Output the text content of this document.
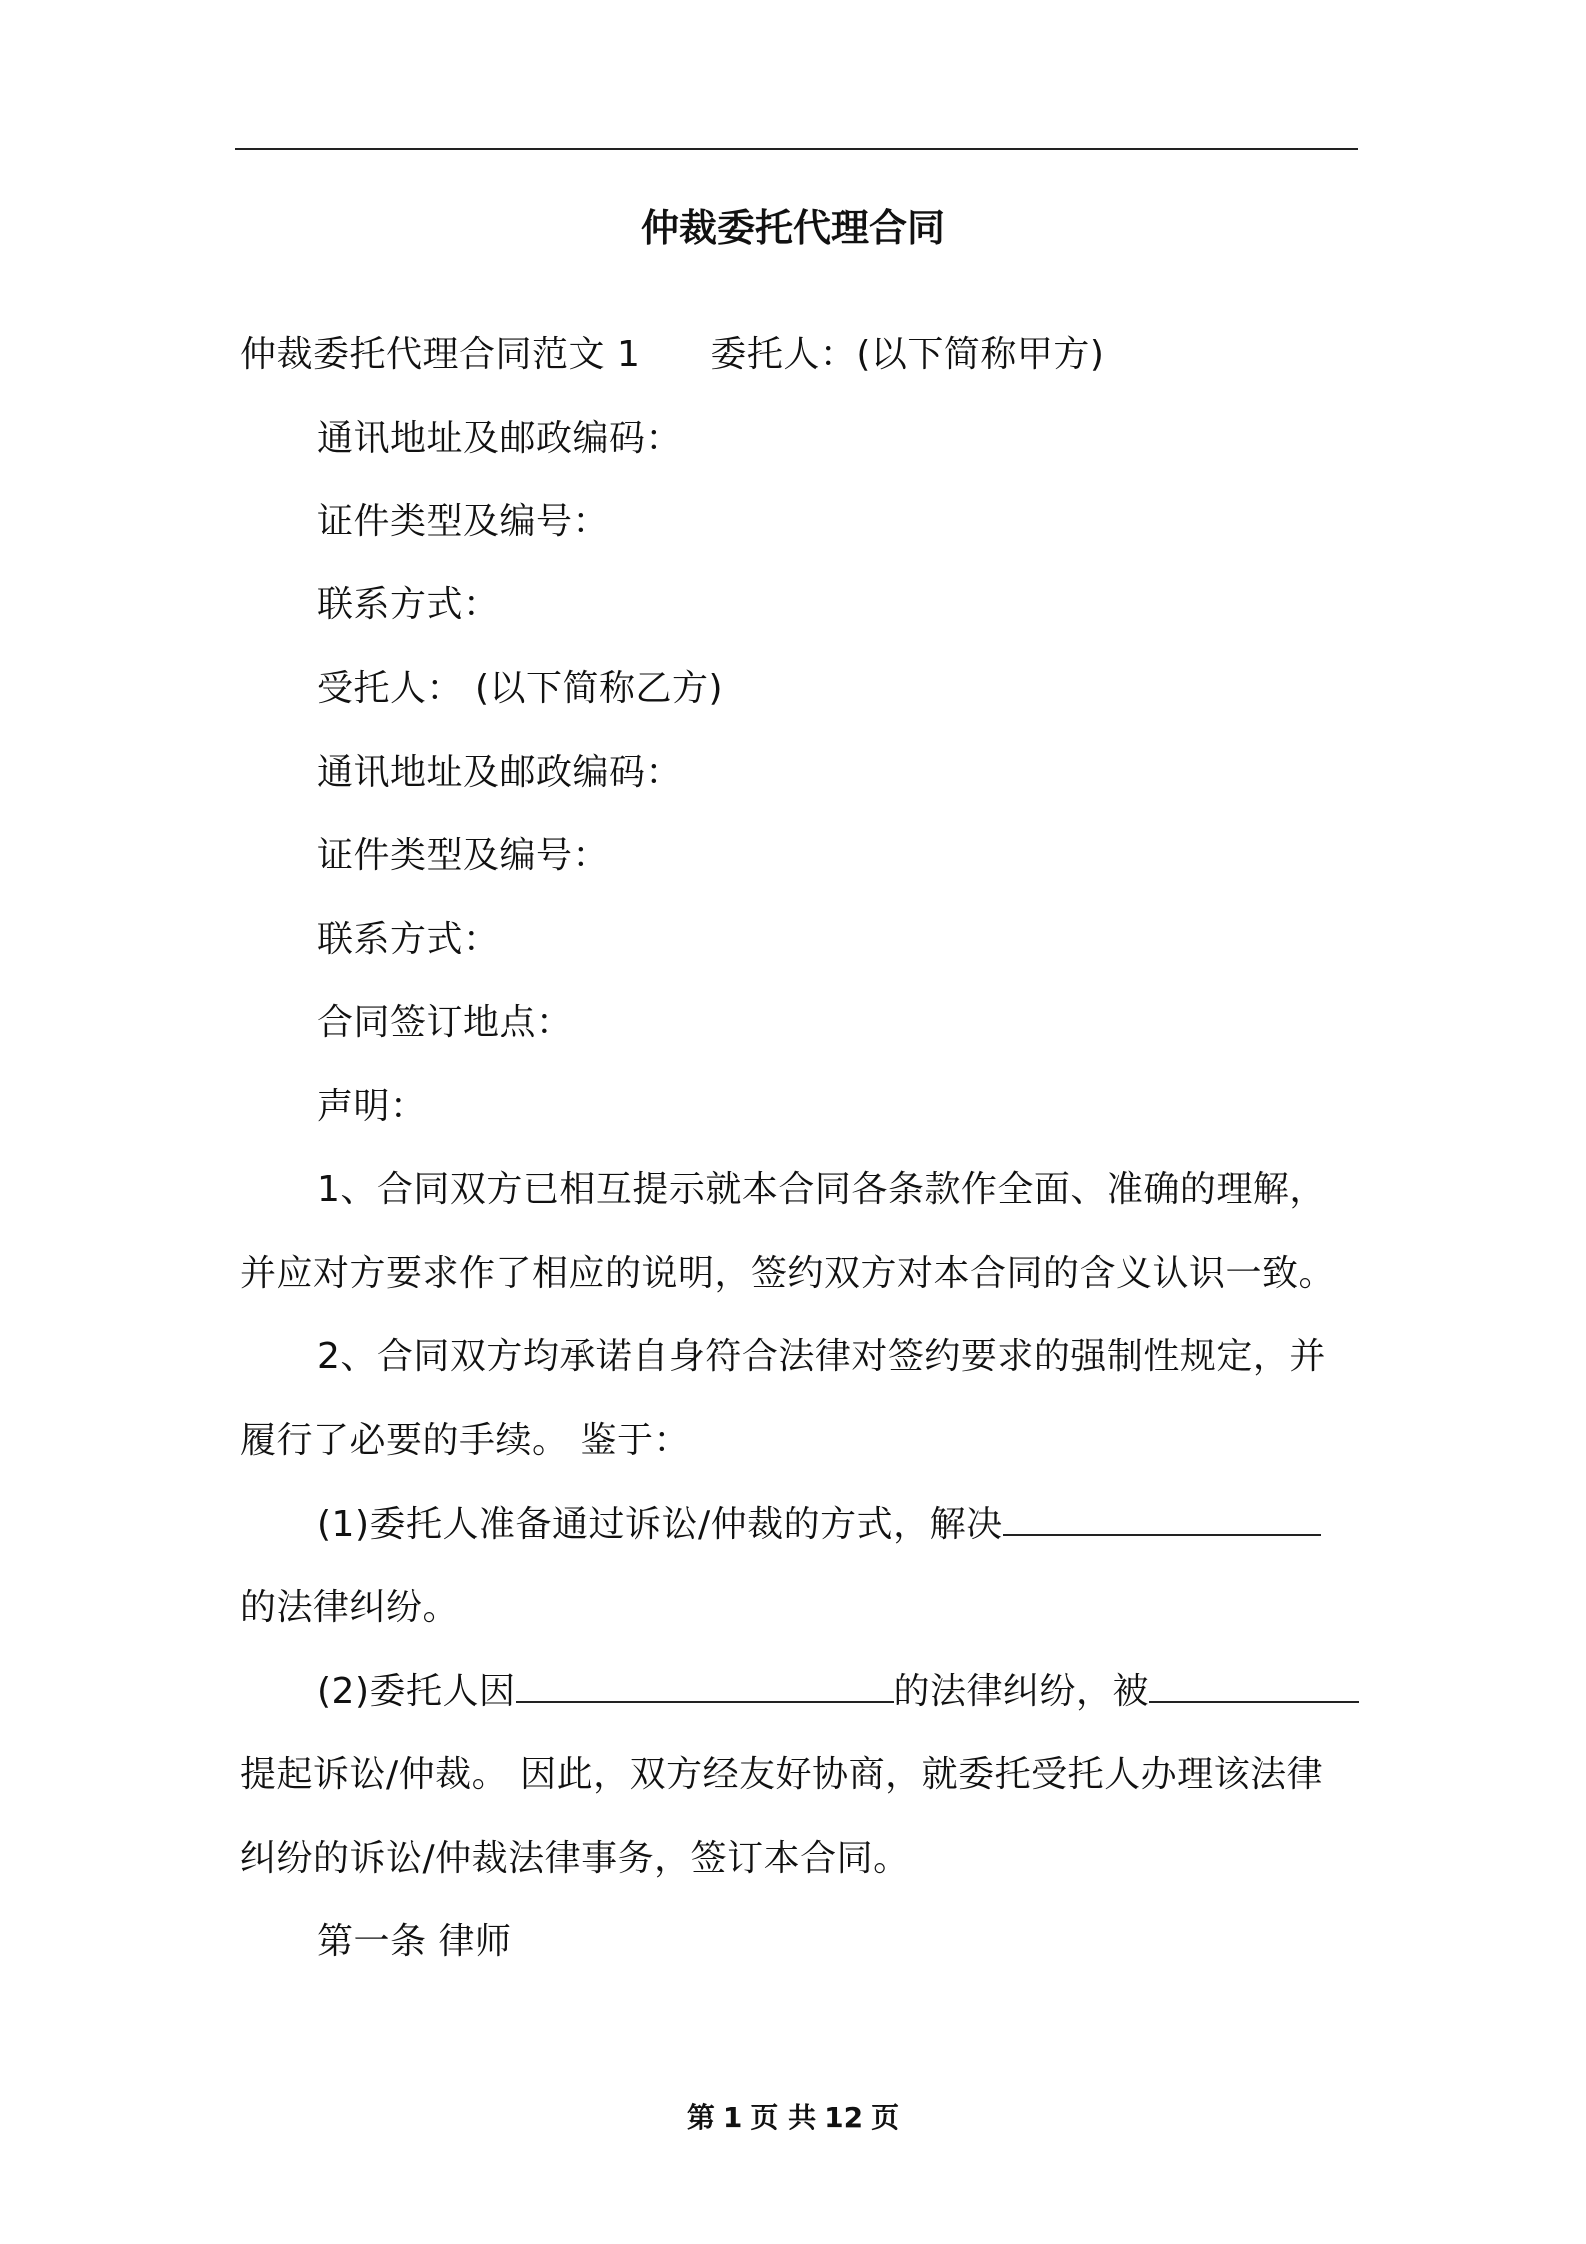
仲裁委托代理合同
仲裁委托代理合同范文 1 委托人：(以下简称甲方)
通讯地址及邮政编码：
证件类型及编号：
联系方式：
受托人： (以下简称乙方)
通讯地址及邮政编码：
证件类型及编号：
联系方式：
合同签订地点：
声明：
1、合同双方已相互提示就本合同各条款作全面、准确的理解，
并应对方要求作了相应的说明，签约双方对本合同的含义认识一致。
2、合同双方均承诺自身符合法律对签约要求的强制性规定，并
履行了必要的手续。 鉴于：
(1)委托人准备通过诉讼/仲裁的方式，解决
的法律纠纷。
(2)委托人因	的法律纠纷，被
提起诉讼/仲裁。 因此，双方经友好协商，就委托受托人办理该法律
纠纷的诉讼/仲裁法律事务，签订本合同。
第一条 律师
第 1 页 共 12 页
